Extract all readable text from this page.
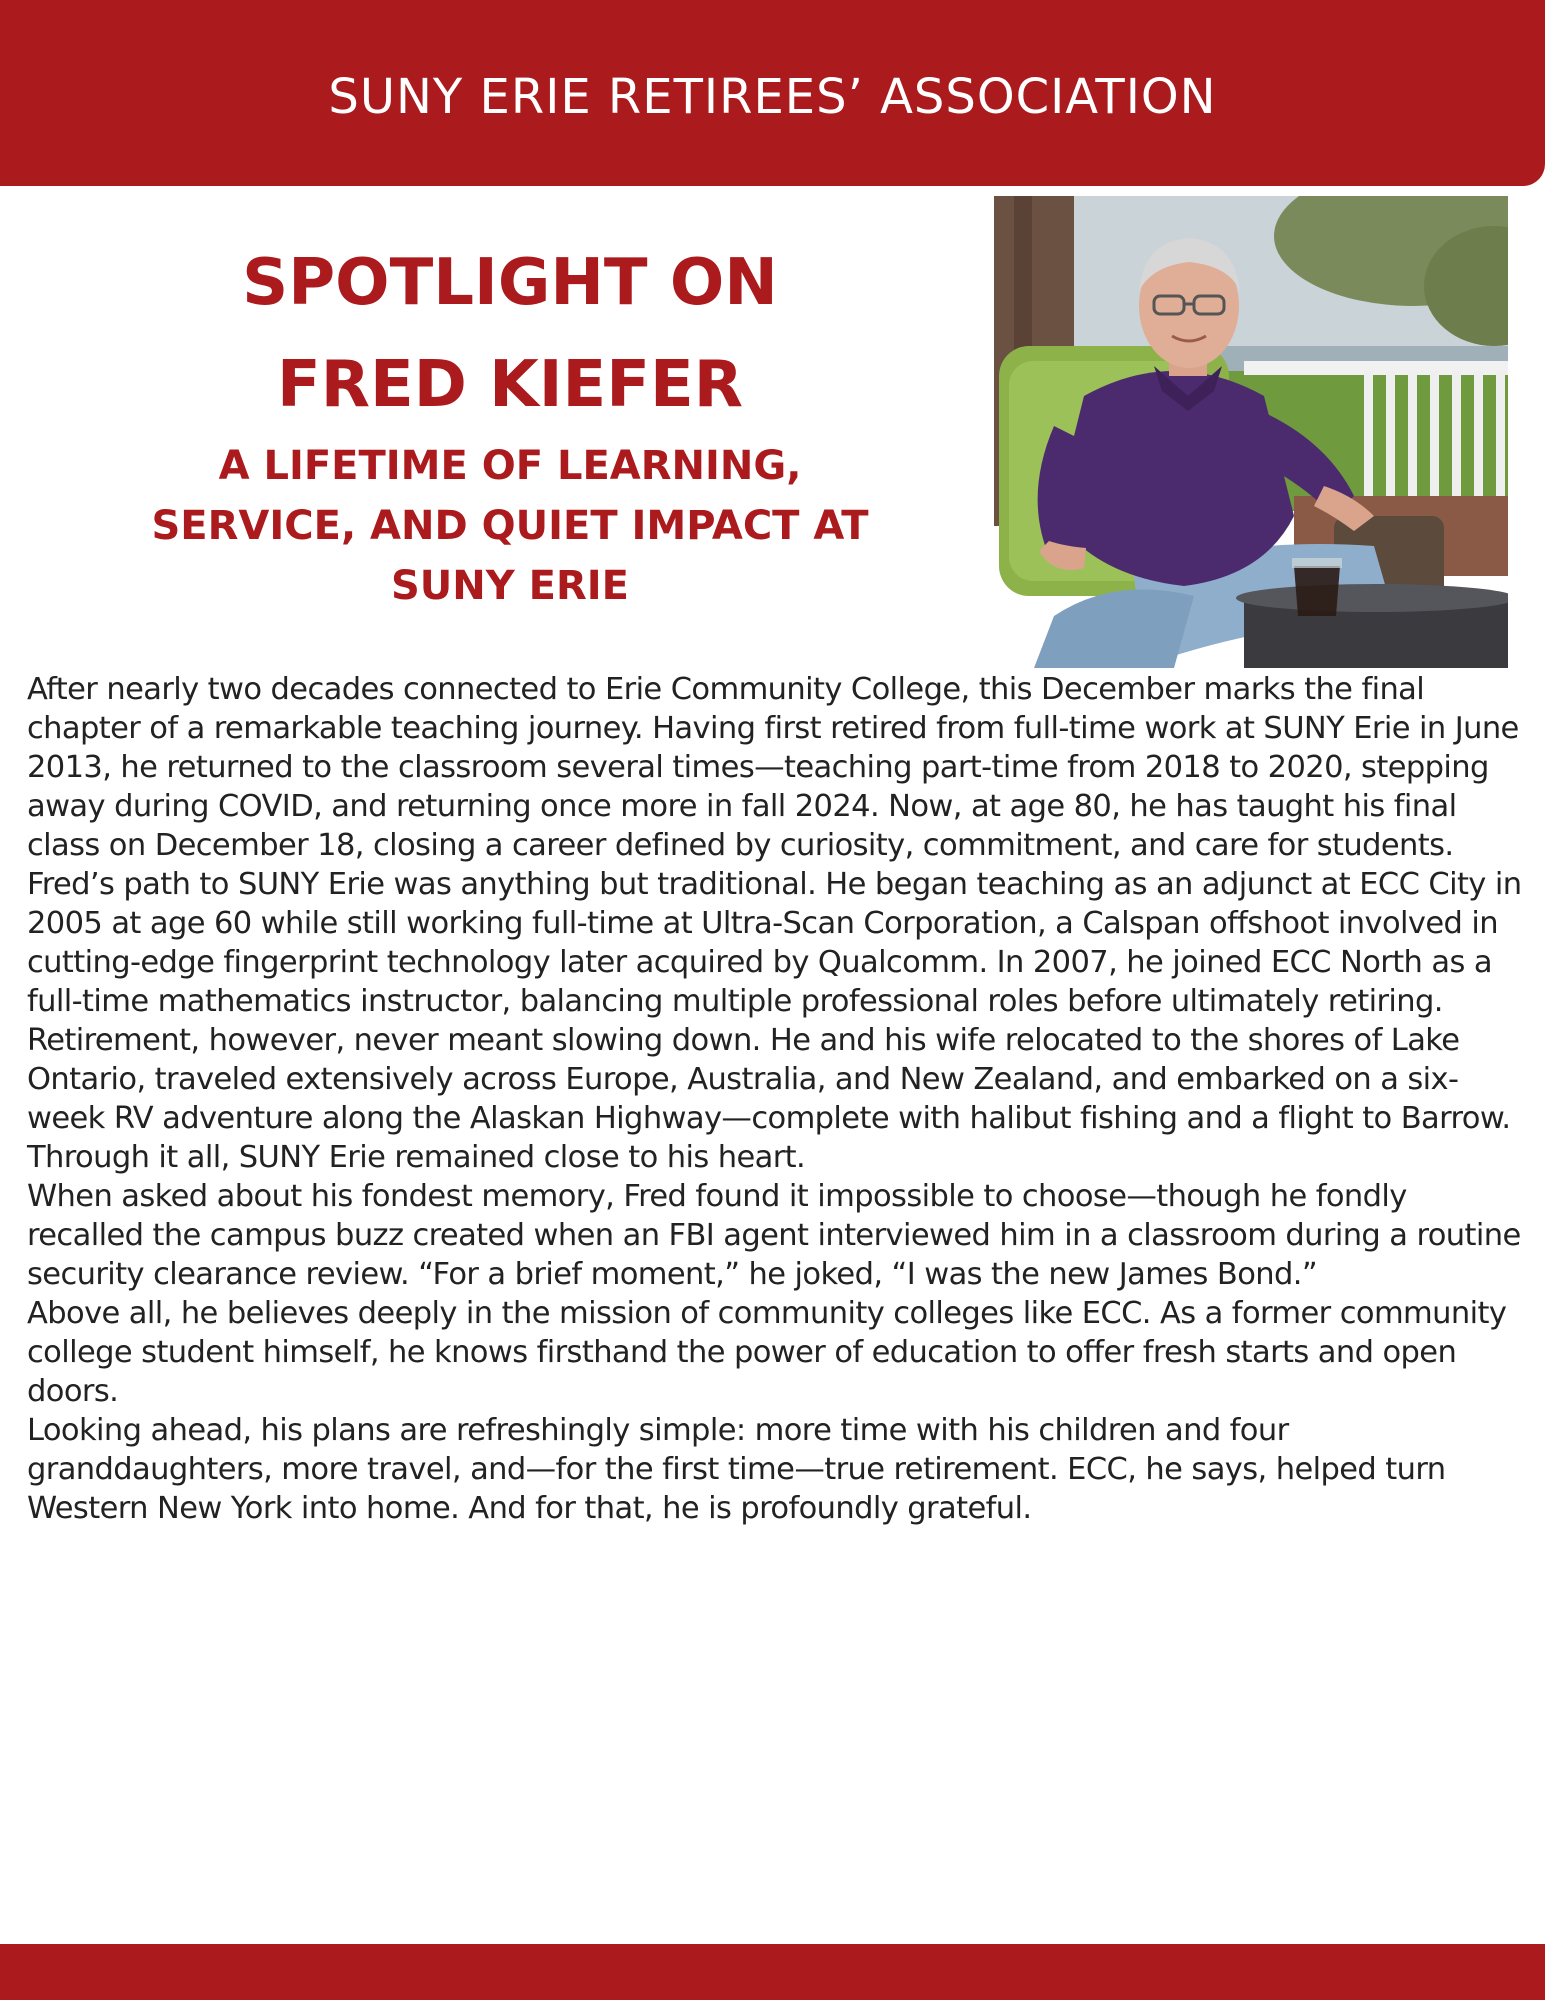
SUNY ERIE RETIREES’ ASSOCIATION
SPOTLIGHT ON
FRED KIEFER
A LIFETIME OF LEARNING,
SERVICE, AND QUIET IMPACT AT
SUNY ERIE

After nearly two decades connected to Erie Community College, this December marks the final chapter of a remarkable teaching journey. Having first retired from full-time work at SUNY Erie in June 2013, he returned to the classroom several times—teaching part-time from 2018 to 2020, stepping away during COVID, and returning once more in fall 2024. Now, at age 80, he has taught his final class on December 18, closing a career defined by curiosity, commitment, and care for students.

Fred’s path to SUNY Erie was anything but traditional. He began teaching as an adjunct at ECC City in 2005 at age 60 while still working full-time at Ultra-Scan Corporation, a Calspan offshoot involved in cutting-edge fingerprint technology later acquired by Qualcomm. In 2007, he joined ECC North as a full-time mathematics instructor, balancing multiple professional roles before ultimately retiring.

Retirement, however, never meant slowing down. He and his wife relocated to the shores of Lake Ontario, traveled extensively across Europe, Australia, and New Zealand, and embarked on a six-week RV adventure along the Alaskan Highway—complete with halibut fishing and a flight to Barrow. Through it all, SUNY Erie remained close to his heart.

When asked about his fondest memory, Fred found it impossible to choose—though he fondly recalled the campus buzz created when an FBI agent interviewed him in a classroom during a routine security clearance review. “For a brief moment,” he joked, “I was the new James Bond.”

Above all, he believes deeply in the mission of community colleges like ECC. As a former community college student himself, he knows firsthand the power of education to offer fresh starts and open doors.

Looking ahead, his plans are refreshingly simple: more time with his children and four granddaughters, more travel, and—for the first time—true retirement. ECC, he says, helped turn Western New York into home. And for that, he is profoundly grateful.
